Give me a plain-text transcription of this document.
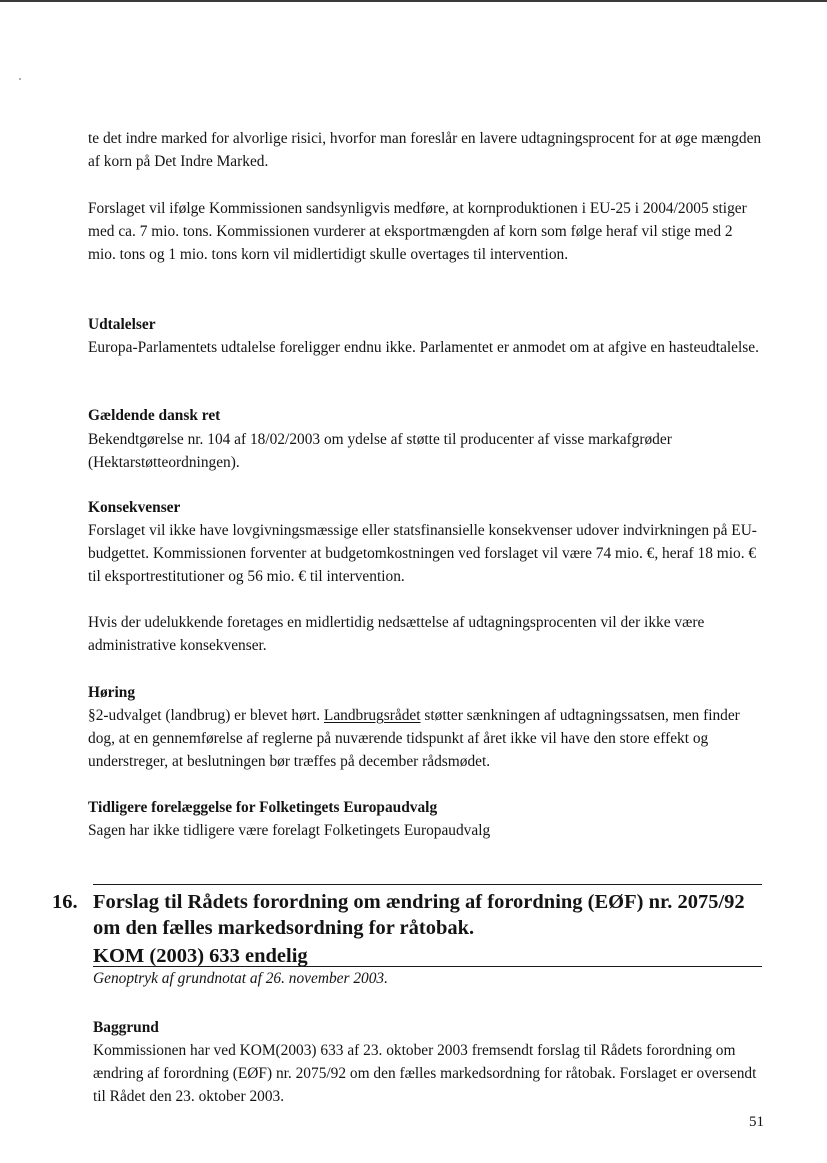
te det indre marked for alvorlige risici, hvorfor man foreslår en lavere udtagningsprocent for at øge mængden af korn på Det Indre Marked.

Forslaget vil ifølge Kommissionen sandsynligvis medføre, at kornproduktionen i EU-25 i 2004/2005 stiger med ca. 7 mio. tons. Kommissionen vurderer at eksportmængden af korn som følge heraf vil stige med 2 mio. tons og 1 mio. tons korn vil midlertidigt skulle overtages til intervention.

Udtalelser

Europa-Parlamentets udtalelse foreligger endnu ikke. Parlamentet er anmodet om at afgive en hasteudtalelse.

Gældende dansk ret

Bekendtgørelse nr. 104 af 18/02/2003 om ydelse af støtte til producenter af visse markafgrøder (Hektarstøtteordningen).

Konsekvenser

Forslaget vil ikke have lovgivningsmæssige eller statsfinansielle konsekvenser udover indvirkningen på EU-budgettet. Kommissionen forventer at budgetomkostningen ved forslaget vil være 74 mio. €, heraf 18 mio. € til eksportrestitutioner og 56 mio. € til intervention.

Hvis der udelukkende foretages en midlertidig nedsættelse af udtagningsprocenten vil der ikke være administrative konsekvenser.

Høring

§2-udvalget (landbrug) er blevet hørt. Landbrugsrådet støtter sænkningen af udtagningssatsen, men finder dog, at en gennemførelse af reglerne på nuværende tidspunkt af året ikke vil have den store effekt og understreger, at beslutningen bør træffes på december rådsmødet.

Tidligere forelæggelse for Folketingets Europaudvalg

Sagen har ikke tidligere være forelagt Folketingets Europaudvalg

16. Forslag til Rådets forordning om ændring af forordning (EØF) nr. 2075/92 om den fælles markedsordning for råtobak.

KOM (2003) 633 endelig
Genoptryk af grundnotat af 26. november 2003.
Baggrund

Kommissionen har ved KOM(2003) 633 af 23. oktober 2003 fremsendt forslag til Rådets forordning om ændring af forordning (EØF) nr. 2075/92 om den fælles markedsordning for råtobak. Forslaget er oversendt til Rådet den 23. oktober 2003.

51
